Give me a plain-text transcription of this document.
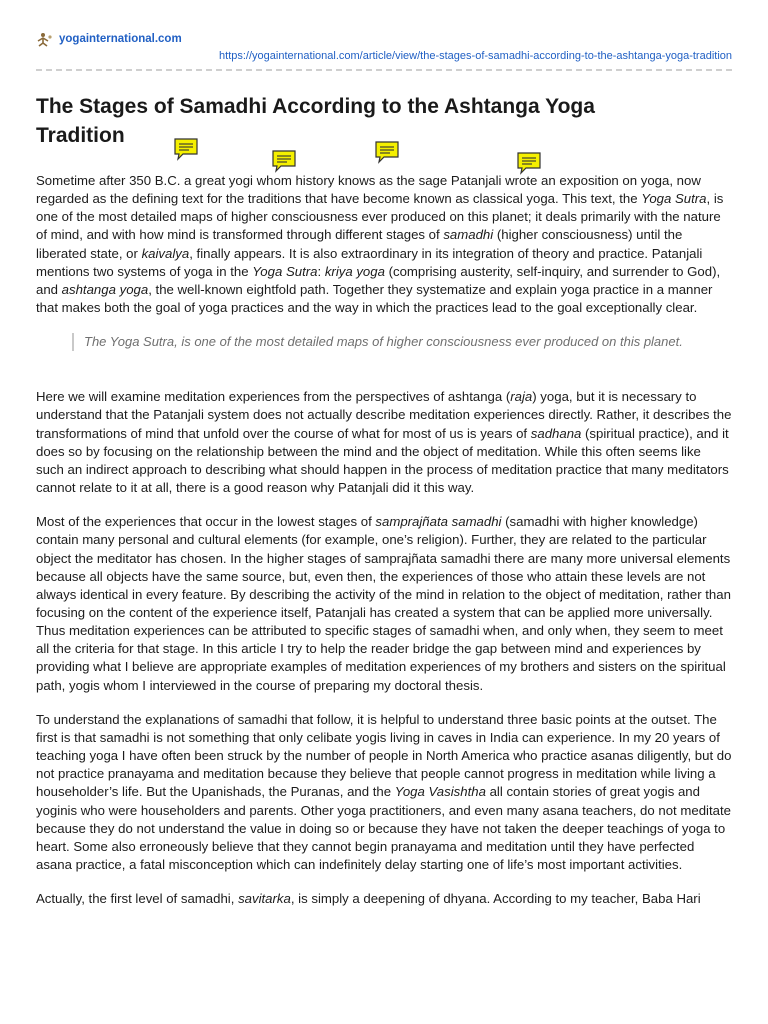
yogainternational.com
https://yogainternational.com/article/view/the-stages-of-samadhi-according-to-the-ashtanga-yoga-tradition
The Stages of Samadhi According to the Ashtanga Yoga Tradition

Sometime after 350 B.C. a great yogi whom history knows as the sage Patanjali wrote an exposition on yoga, now regarded as the defining text for the traditions that have become known as classical yoga. This text, the Yoga Sutra, is one of the most detailed maps of higher consciousness ever produced on this planet; it deals primarily with the nature of mind, and with how mind is transformed through different stages of samadhi (higher consciousness) until the liberated state, or kaivalya, finally appears. It is also extraordinary in its integration of theory and practice. Patanjali mentions two systems of yoga in the Yoga Sutra: kriya yoga (comprising austerity, self-inquiry, and surrender to God), and ashtanga yoga, the well-known eightfold path. Together they systematize and explain yoga practice in a manner that makes both the goal of yoga practices and the way in which the practices lead to the goal exceptionally clear.

The Yoga Sutra, is one of the most detailed maps of higher consciousness ever produced on this planet.

Here we will examine meditation experiences from the perspectives of ashtanga (raja) yoga, but it is necessary to understand that the Patanjali system does not actually describe meditation experiences directly. Rather, it describes the transformations of mind that unfold over the course of what for most of us is years of sadhana (spiritual practice), and it does so by focusing on the relationship between the mind and the object of meditation. While this often seems like such an indirect approach to describing what should happen in the process of meditation practice that many meditators cannot relate to it at all, there is a good reason why Patanjali did it this way.

Most of the experiences that occur in the lowest stages of samprajñata samadhi (samadhi with higher knowledge) contain many personal and cultural elements (for example, one’s religion). Further, they are related to the particular object the meditator has chosen. In the higher stages of samprajñata samadhi there are many more universal elements because all objects have the same source, but, even then, the experiences of those who attain these levels are not always identical in every feature. By describing the activity of the mind in relation to the object of meditation, rather than focusing on the content of the experience itself, Patanjali has created a system that can be applied more universally. Thus meditation experiences can be attributed to specific stages of samadhi when, and only when, they seem to meet all the criteria for that stage. In this article I try to help the reader bridge the gap between mind and experiences by providing what I believe are appropriate examples of meditation experiences of my brothers and sisters on the spiritual path, yogis whom I interviewed in the course of preparing my doctoral thesis.

To understand the explanations of samadhi that follow, it is helpful to understand three basic points at the outset. The first is that samadhi is not something that only celibate yogis living in caves in India can experience. In my 20 years of teaching yoga I have often been struck by the number of people in North America who practice asanas diligently, but do not practice pranayama and meditation because they believe that people cannot progress in meditation while living a householder’s life. But the Upanishads, the Puranas, and the Yoga Vasishtha all contain stories of great yogis and yoginis who were householders and parents. Other yoga practitioners, and even many asana teachers, do not meditate because they do not understand the value in doing so or because they have not taken the deeper teachings of yoga to heart. Some also erroneously believe that they cannot begin pranayama and meditation until they have perfected asana practice, a fatal misconception which can indefinitely delay starting one of life’s most important activities.

Actually, the first level of samadhi, savitarka, is simply a deepening of dhyana. According to my teacher, Baba Hari
